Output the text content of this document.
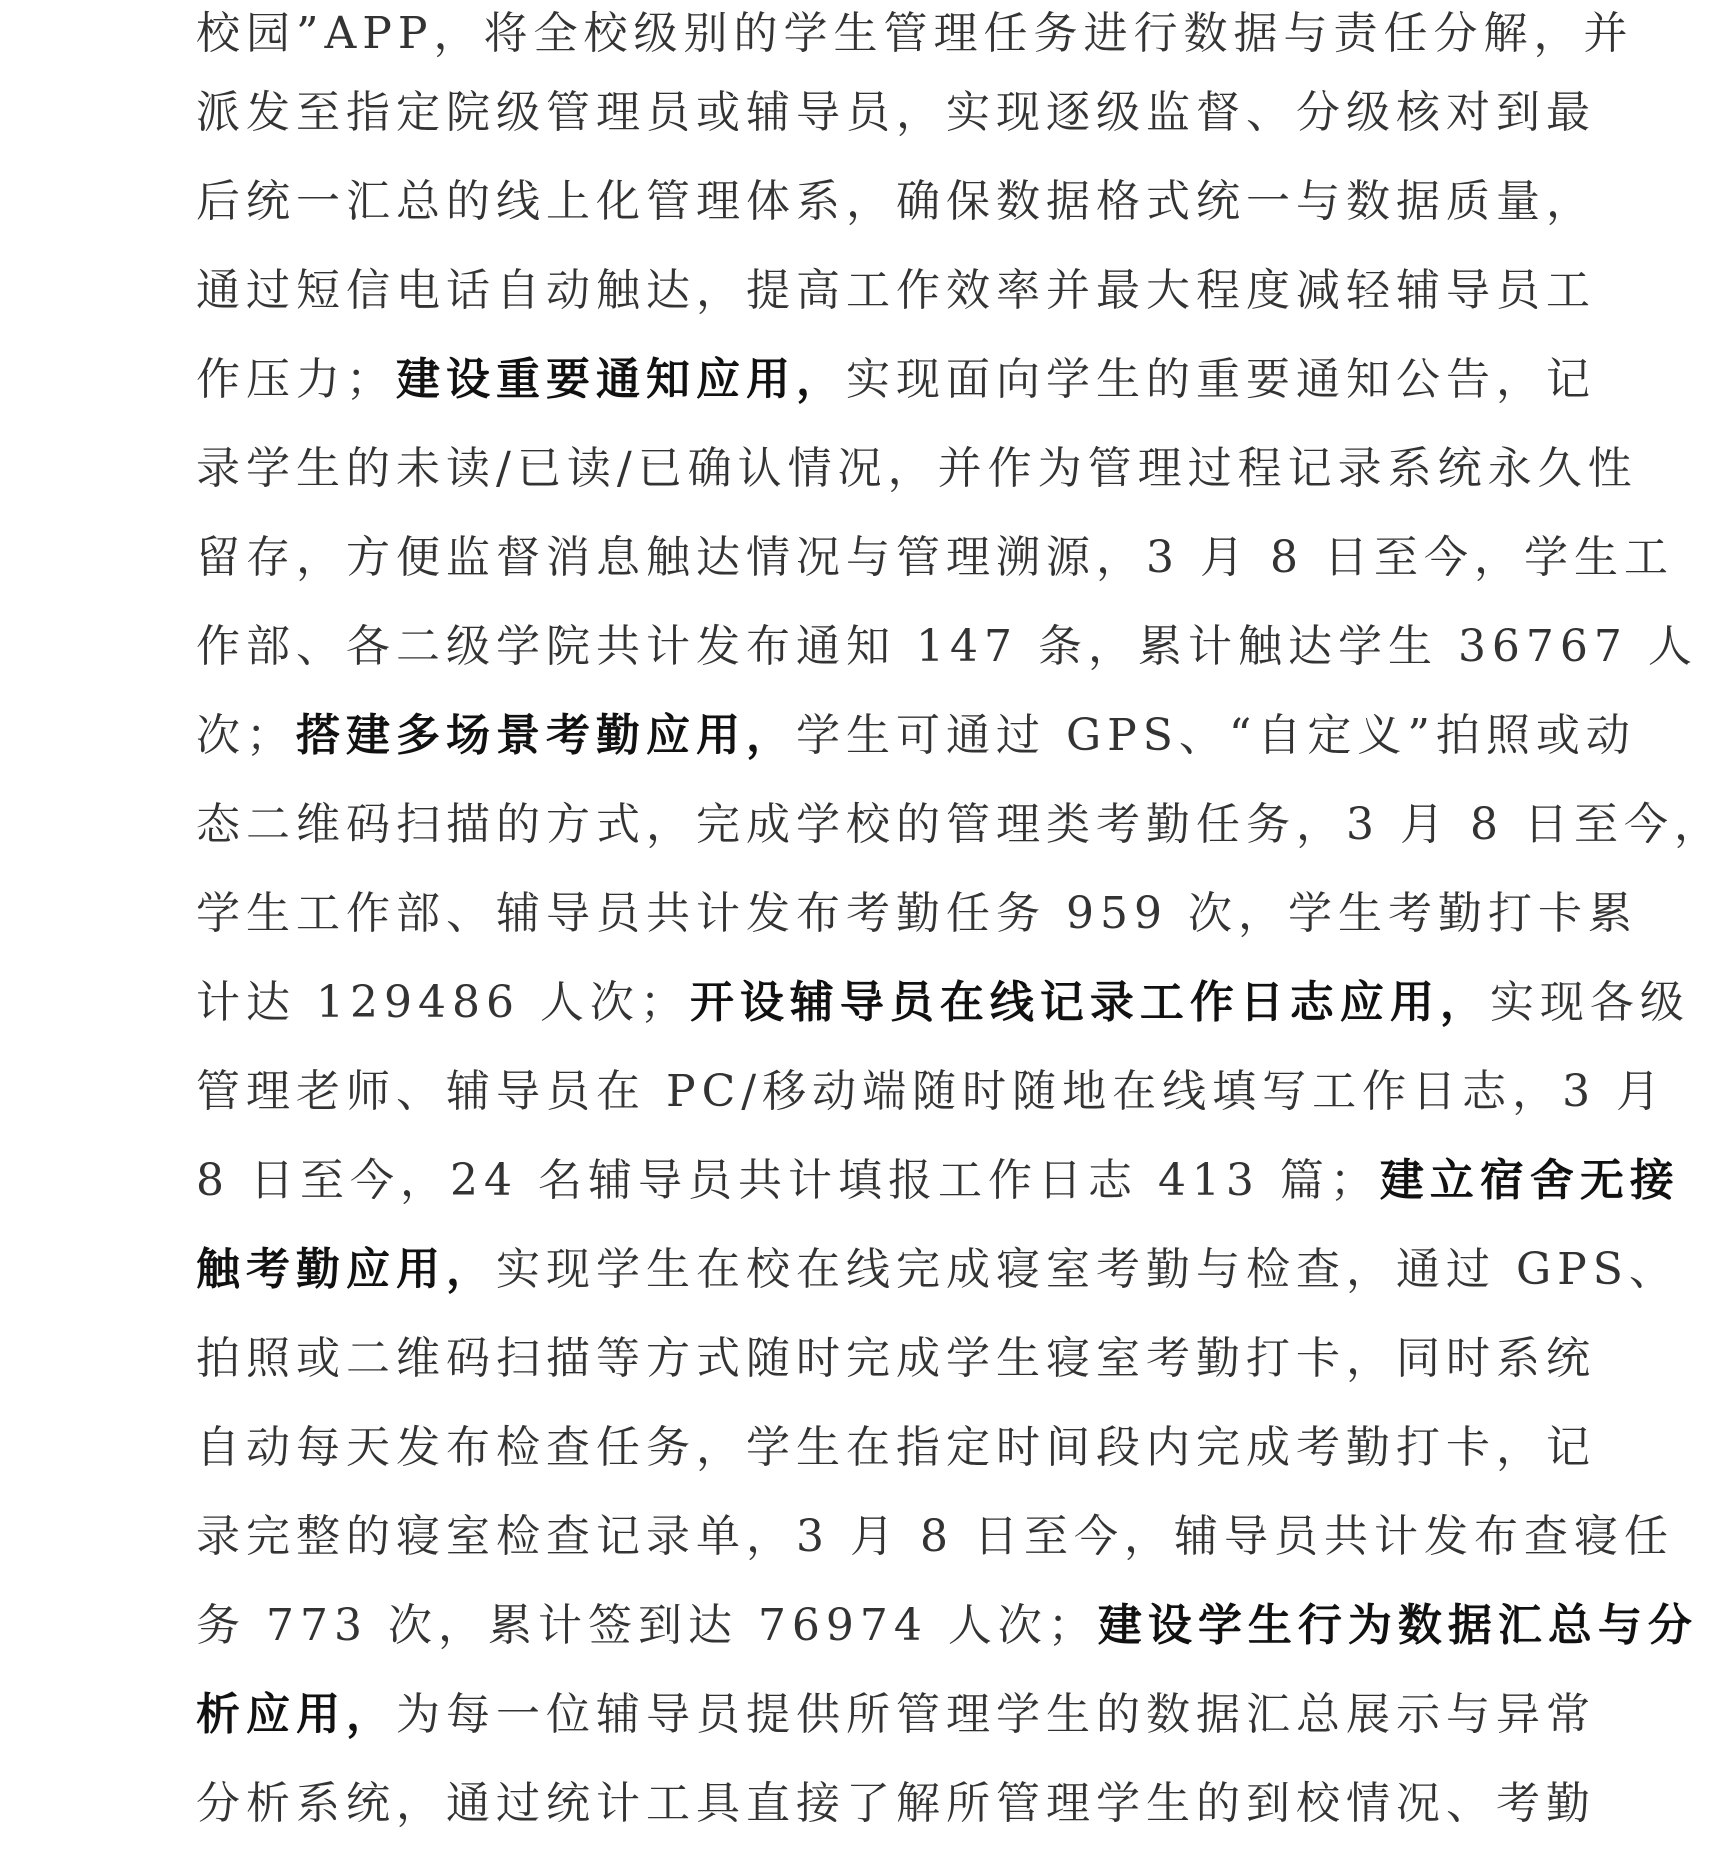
校园”APP，将全校级别的学生管理任务进行数据与责任分解，并
派发至指定院级管理员或辅导员，实现逐级监督、分级核对到最
后统一汇总的线上化管理体系，确保数据格式统一与数据质量，
通过短信电话自动触达，提高工作效率并最大程度减轻辅导员工
作压力；建设重要通知应用，实现面向学生的重要通知公告，记
录学生的未读/已读/已确认情况，并作为管理过程记录系统永久性
留存，方便监督消息触达情况与管理溯源，3 月 8 日至今，学生工
作部、各二级学院共计发布通知 147 条，累计触达学生 36767 人
次；搭建多场景考勤应用，学生可通过 GPS、“自定义”拍照或动
态二维码扫描的方式，完成学校的管理类考勤任务，3 月 8 日至今，
学生工作部、辅导员共计发布考勤任务 959 次，学生考勤打卡累
计达 129486 人次；开设辅导员在线记录工作日志应用，实现各级
管理老师、辅导员在 PC/移动端随时随地在线填写工作日志，3 月
8 日至今，24 名辅导员共计填报工作日志 413 篇；建立宿舍无接
触考勤应用，实现学生在校在线完成寝室考勤与检查，通过 GPS、
拍照或二维码扫描等方式随时完成学生寝室考勤打卡，同时系统
自动每天发布检查任务，学生在指定时间段内完成考勤打卡，记
录完整的寝室检查记录单，3 月 8 日至今，辅导员共计发布查寝任
务 773 次，累计签到达 76974 人次；建设学生行为数据汇总与分
析应用，为每一位辅导员提供所管理学生的数据汇总展示与异常
分析系统，通过统计工具直接了解所管理学生的到校情况、考勤
